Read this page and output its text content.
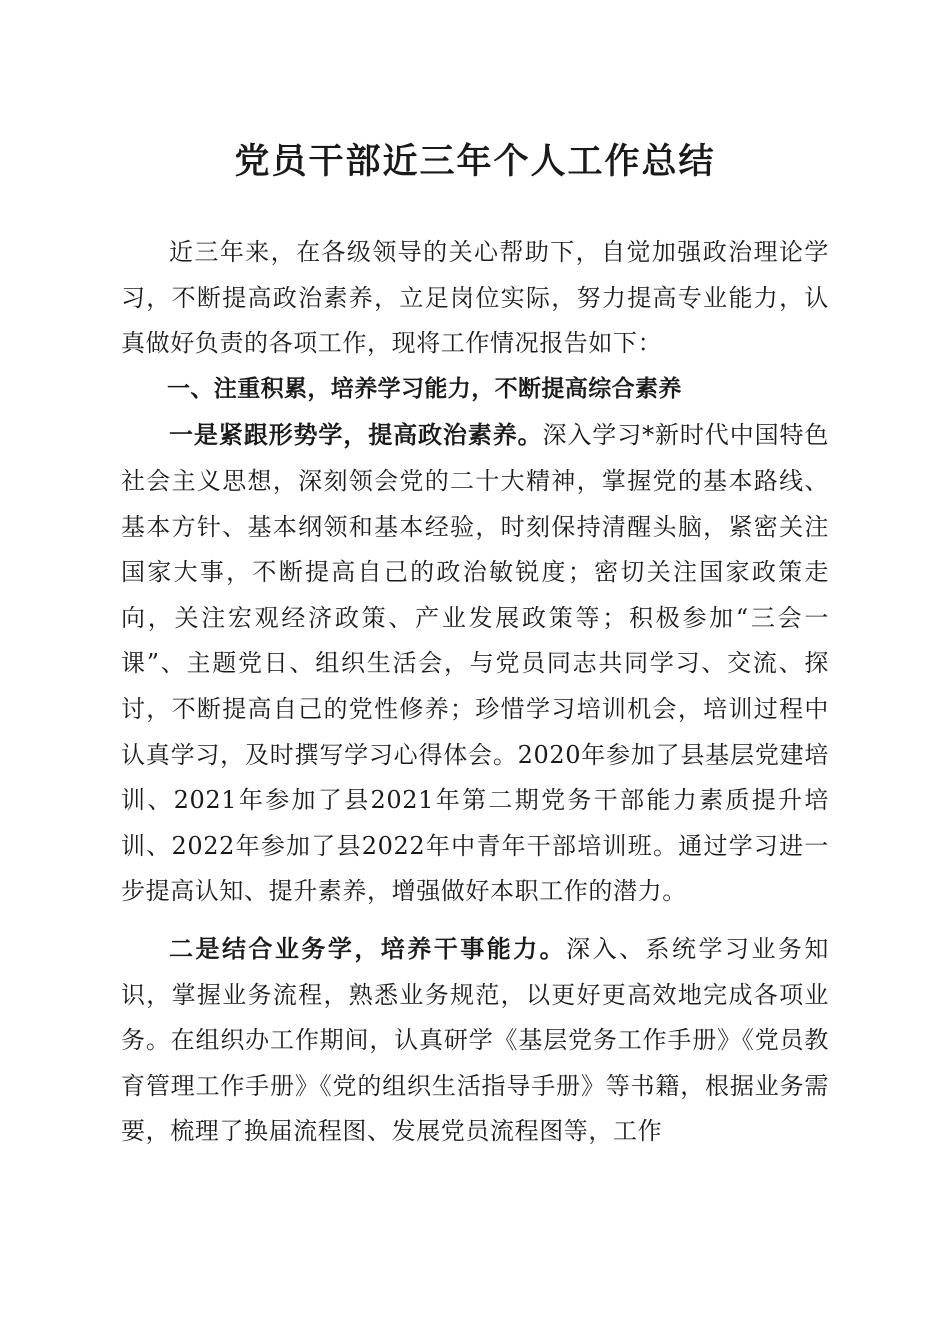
党员干部近三年个人工作总结

近三年来，在各级领导的关心帮助下，自觉加强政治理论学习，不断提高政治素养，立足岗位实际，努力提高专业能力，认真做好负责的各项工作，现将工作情况报告如下：

一、注重积累，培养学习能力，不断提高综合素养

一是紧跟形势学，提高政治素养。深入学习*新时代中国特色社会主义思想，深刻领会党的二十大精神，掌握党的基本路线、基本方针、基本纲领和基本经验，时刻保持清醒头脑，紧密关注国家大事，不断提高自己的政治敏锐度；密切关注国家政策走向，关注宏观经济政策、产业发展政策等；积极参加“三会一课”、主题党日、组织生活会，与党员同志共同学习、交流、探讨，不断提高自己的党性修养；珍惜学习培训机会，培训过程中认真学习，及时撰写学习心得体会。2020年参加了县基层党建培训、2021年参加了县2021年第二期党务干部能力素质提升培训、2022年参加了县2022年中青年干部培训班。通过学习进一步提高认知、提升素养，增强做好本职工作的潜力。

二是结合业务学，培养干事能力。深入、系统学习业务知识，掌握业务流程，熟悉业务规范，以更好更高效地完成各项业务。在组织办工作期间，认真研学《基层党务工作手册》《党员教育管理工作手册》《党的组织生活指导手册》等书籍，根据业务需要，梳理了换届流程图、发展党员流程图等，工作
